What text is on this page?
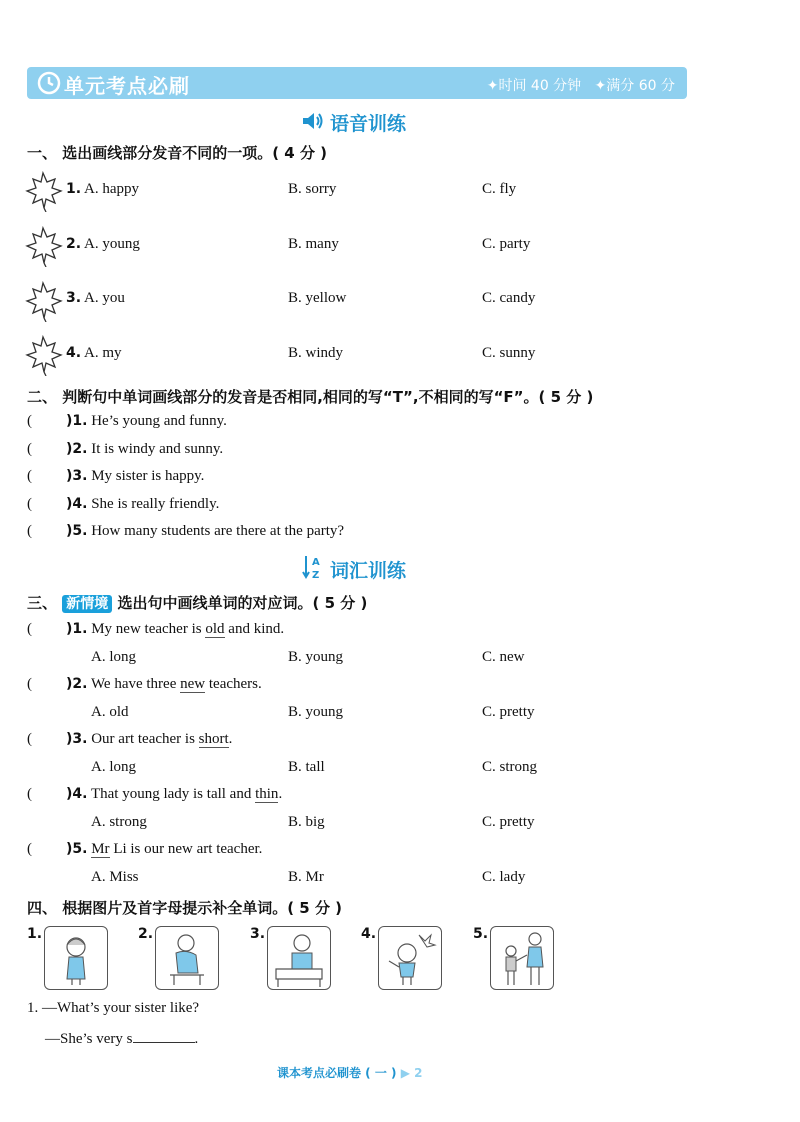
单元考点必刷	✦时间 40 分钟 ✦满分 60 分
语音训练
一、 选出画线部分发音不同的一项。( 4 分 )
1. A. happy	B. sorry	C. fly
2. A. young	B. many	C. party
3. A. you	B. yellow	C. candy
4. A. my	B. windy	C. sunny
二、 判断句中单词画线部分的发音是否相同,相同的写“T”,不相同的写“F”。( 5 分 )
( )1. He’s young and funny.
( )2. It is windy and sunny.
( )3. My sister is happy.
( )4. She is really friendly.
( )5. How many students are there at the party?
A
Z 词汇训练
三、 新情境 选出句中画线单词的对应词。( 5 分 )
( )1. My new teacher is old and kind.
A. long	B. young	C. new
( )2. We have three new teachers.
A. old	B. young	C. pretty
( )3. Our art teacher is short.
A. long	B. tall	C. strong
( )4. That young lady is tall and thin.
A. strong	B. big	C. pretty
( )5. Mr Li is our new art teacher.
A. Miss	B. Mr	C. lady
四、 根据图片及首字母提示补全单词。( 5 分 )
1.	2.	3.	4.	5.
1. —What’s your sister like?
—She’s very s	.
课本考点必刷卷 ( 一 ) ▶ 2
